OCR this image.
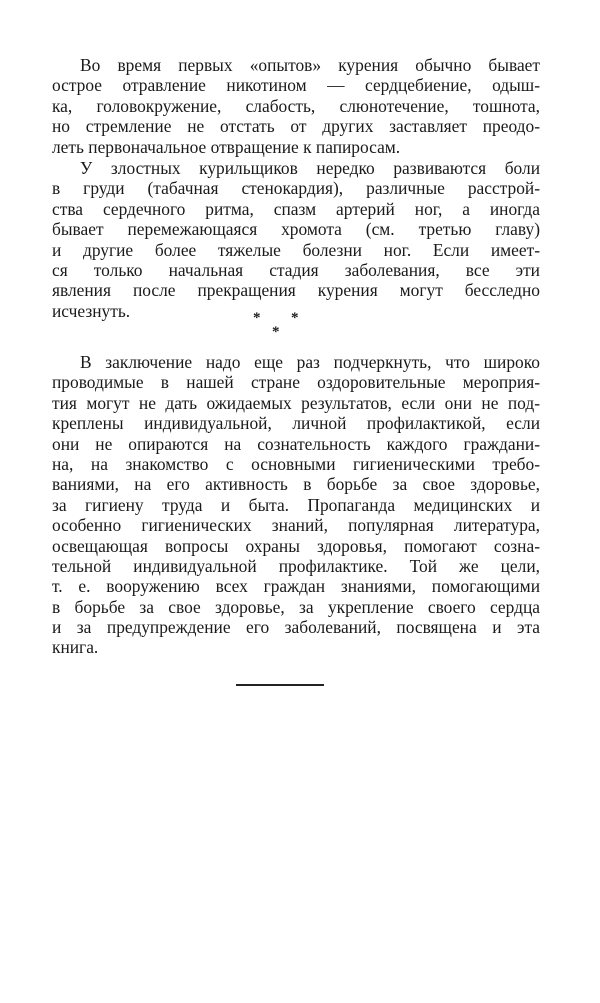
Во время первых «опытов» курения обычно бывает
острое отравление никотином — сердцебиение, одыш-
ка, головокружение, слабость, слюнотечение, тошнота,
но стремление не отстать от других заставляет преодо-
леть первоначальное отвращение к папиросам.

У злостных курильщиков нередко развиваются боли
в груди (табачная стенокардия), различные расстрой-
ства сердечного ритма, спазм артерий ног, а иногда
бывает перемежающаяся хромота (см. третью главу)
и другие более тяжелые болезни ног. Если имеет-
ся только начальная стадия заболевания, все эти
явления после прекращения курения могут бесследно
исчезнуть.	* *
*

В заключение надо еще раз подчеркнуть, что широко
проводимые в нашей стране оздоровительные мероприя-
тия могут не дать ожидаемых результатов, если они не под-
креплены индивидуальной, личной профилактикой, если
они не опираются на сознательность каждого граждани-
на, на знакомство с основными гигиеническими требо-
ваниями, на его активность в борьбе за свое здоровье,
за гигиену труда и быта. Пропаганда медицинских и
особенно гигиенических знаний, популярная литература,
освещающая вопросы охраны здоровья, помогают созна-
тельной индивидуальной профилактике. Той же цели,
т. е. вооружению всех граждан знаниями, помогающими
в борьбе за свое здоровье, за укрепление своего сердца
и за предупреждение его заболеваний, посвящена и эта
книга.
